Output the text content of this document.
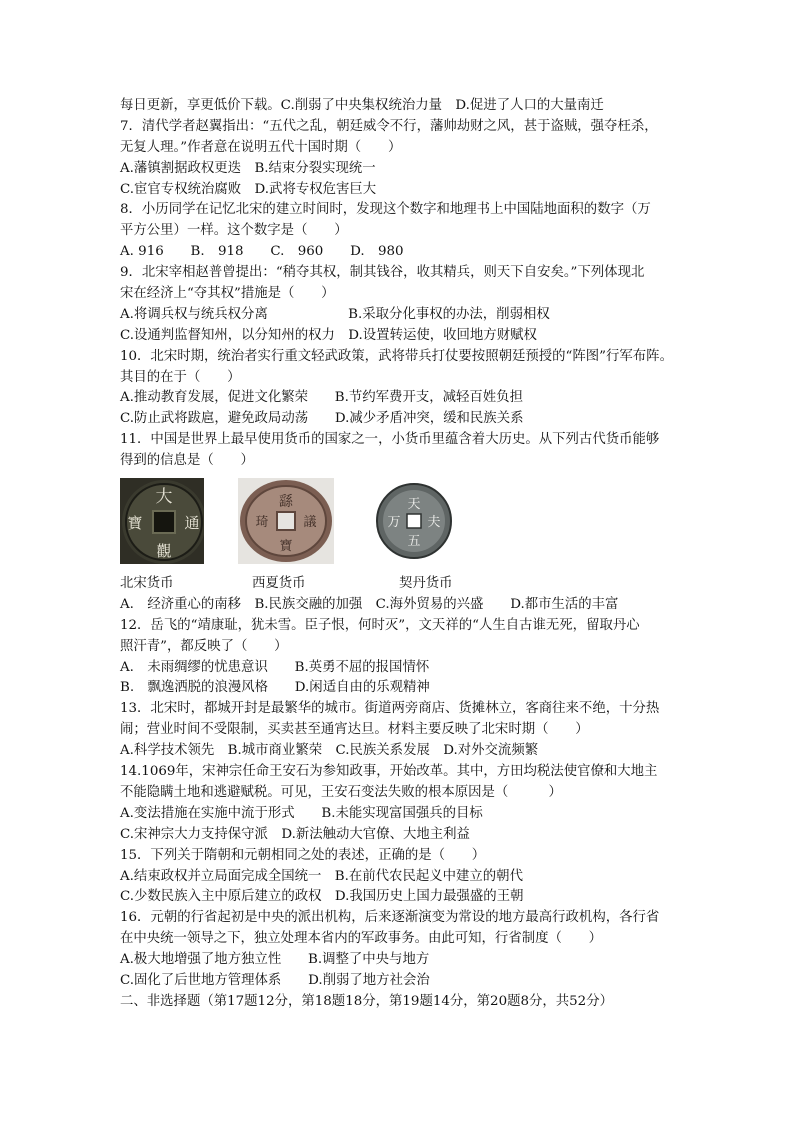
每日更新，享更低价下载。C.削弱了中央集权统治力量　D.促进了人口的大量南迁
7．清代学者赵翼指出：“五代之乱，朝廷威令不行，藩帅劫财之风，甚于盗贼，强夺枉杀，
无复人理。”作者意在说明五代十国时期（　　）
A.藩镇割据政权更迭　B.结束分裂实现统一
C.宦官专权统治腐败　D.武将专权危害巨大
8．小历同学在记忆北宋的建立时间时，发现这个数字和地理书上中国陆地面积的数字（万
平方公里）一样。这个数字是（　　）
A. 916　　B.　918　　C.　960　　D.　980
9．北宋宰相赵普曾提出：“稍夺其权，制其钱谷，收其精兵，则天下自安矣。”下列体现北
宋在经济上“夺其权”措施是（　　）
A.将调兵权与统兵权分离　　　　　　B.采取分化事权的办法，削弱相权
C.设通判监督知州，以分知州的权力　D.设置转运使，收回地方财赋权
10．北宋时期，统治者实行重文轻武政策，武将带兵打仗要按照朝廷预授的“阵图”行军布阵。
其目的在于（　　）
A.推动教育发展，促进文化繁荣　　B.节约军费开支，减轻百姓负担
C.防止武将跋扈，避免政局动荡　　D.减少矛盾冲突，缓和民族关系
11．中国是世界上最早使用货币的国家之一，小货币里蕴含着大历史。从下列古代货币能够
得到的信息是（　　）
大
通
觀
寶
繇
議
寶
琦
天
夫
五
万
北宋货币	西夏货币	契丹货币
A.　经济重心的南移　B.民族交融的加强　C.海外贸易的兴盛　　D.都市生活的丰富
12．岳飞的“靖康耻，犹未雪。臣子恨，何时灭”，文天祥的“人生自古谁无死，留取丹心
照汗青”，都反映了（　　）
A.　未雨绸缪的忧患意识　　B.英勇不屈的报国情怀
B.　飘逸洒脱的浪漫风格　　D.闲适自由的乐观精神
13．北宋时，都城开封是最繁华的城市。街道两旁商店、货摊林立，客商往来不绝，十分热
闹；营业时间不受限制，买卖甚至通宵达旦。材料主要反映了北宋时期（　　）
A.科学技术领先　B.城市商业繁荣　C.民族关系发展　D.对外交流频繁
14.1069年，宋神宗任命王安石为参知政事，开始改革。其中，方田均税法使官僚和大地主
不能隐瞒土地和逃避赋税。可见，王安石变法失败的根本原因是（　　　）
A.变法措施在实施中流于形式　　B.未能实现富国强兵的目标
C.宋神宗大力支持保守派　D.新法触动大官僚、大地主利益
15．下列关于隋朝和元朝相同之处的表述，正确的是（　　）
A.结束政权并立局面完成全国统一　B.在前代农民起义中建立的朝代
C.少数民族入主中原后建立的政权　D.我国历史上国力最强盛的王朝
16．元朝的行省起初是中央的派出机构，后来逐渐演变为常设的地方最高行政机构，各行省
在中央统一领导之下，独立处理本省内的军政事务。由此可知，行省制度（　　）
A.极大地增强了地方独立性　　B.调整了中央与地方
C.固化了后世地方管理体系　　D.削弱了地方社会治
二、非选择题（第17题12分，第18题18分，第19题14分，第20题8分，共52分）
